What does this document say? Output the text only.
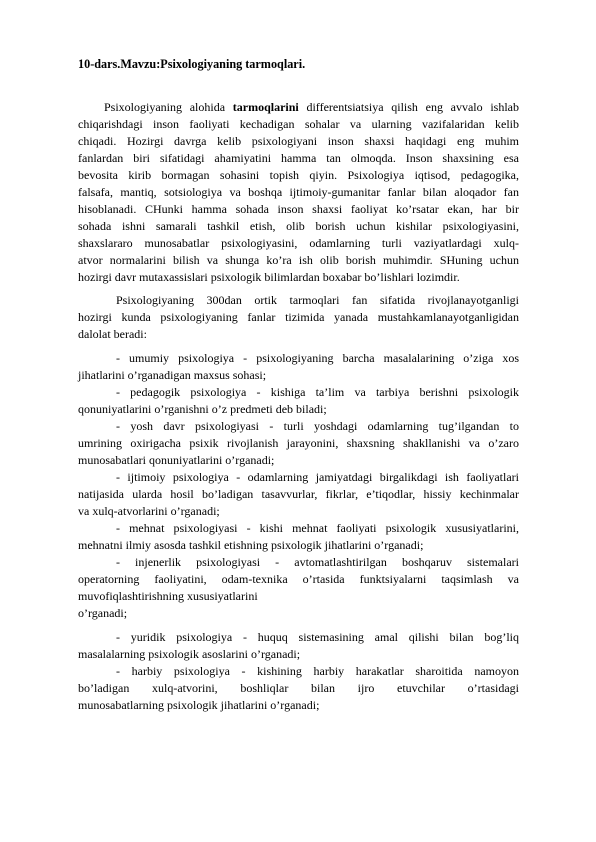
10-dars.Mavzu:Psixologiyaning tarmoqlari.
Psixologiyaning alohida tarmoqlarini differentsiatsiya qilish eng avvalo ishlab
chiqarishdagi inson faoliyati kechadigan sohalar va ularning vazifalaridan kelib
chiqadi. Hozirgi davrga kelib psixologiyani inson shaxsi haqidagi eng muhim
fanlardan biri sifatidagi ahamiyatini hamma tan olmoqda. Inson shaxsining esa
bevosita kirib bormagan sohasini topish qiyin. Psixologiya iqtisod, pedagogika,
falsafa, mantiq, sotsiologiya va boshqa ijtimoiy-gumanitar fanlar bilan aloqador fan
hisoblanadi. CHunki hamma sohada inson shaxsi faoliyat ko’rsatar ekan, har bir
sohada ishni samarali tashkil etish, olib borish uchun kishilar psixologiyasini,
shaxslararo munosabatlar psixologiyasini, odamlarning turli vaziyatlardagi xulq-
atvor normalarini bilish va shunga ko’ra ish olib borish muhimdir. SHuning uchun
hozirgi davr mutaxassislari psixologik bilimlardan boxabar bo’lishlari lozimdir.
Psixologiyaning 300dan ortik tarmoqlari fan sifatida rivojlanayotganligi
hozirgi kunda psixologiyaning fanlar tizimida yanada mustahkamlanayotganligidan
dalolat beradi:
- umumiy psixologiya - psixologiyaning barcha masalalarining o’ziga xos
jihatlarini o’rganadigan maxsus sohasi;
- pedagogik psixologiya - kishiga ta’lim va tarbiya berishni psixologik
qonuniyatlarini o’rganishni o’z predmeti deb biladi;
- yosh davr psixologiyasi - turli yoshdagi odamlarning tug’ilgandan to
umrining oxirigacha psixik rivojlanish jarayonini, shaxsning shakllanishi va o’zaro
munosabatlari qonuniyatlarini o’rganadi;
- ijtimoiy psixologiya - odamlarning jamiyatdagi birgalikdagi ish faoliyatlari
natijasida ularda hosil bo’ladigan tasavvurlar, fikrlar, e’tiqodlar, hissiy kechinmalar
va xulq-atvorlarini o’rganadi;
- mehnat psixologiyasi - kishi mehnat faoliyati psixologik xususiyatlarini,
mehnatni ilmiy asosda tashkil etishning psixologik jihatlarini o’rganadi;
- injenerlik psixologiyasi - avtomatlashtirilgan boshqaruv sistemalari
operatorning faoliyatini, odam-texnika o’rtasida funktsiyalarni taqsimlash va
muvofiqlashtirishning xususiyatlarini
o’rganadi;
- yuridik psixologiya - huquq sistemasining amal qilishi bilan bog’liq
masalalarning psixologik asoslarini o’rganadi;
- harbiy psixologiya - kishining harbiy harakatlar sharoitida namoyon
bo’ladigan xulq-atvorini, boshliqlar bilan ijro etuvchilar o’rtasidagi
munosabatlarning psixologik jihatlarini o’rganadi;
